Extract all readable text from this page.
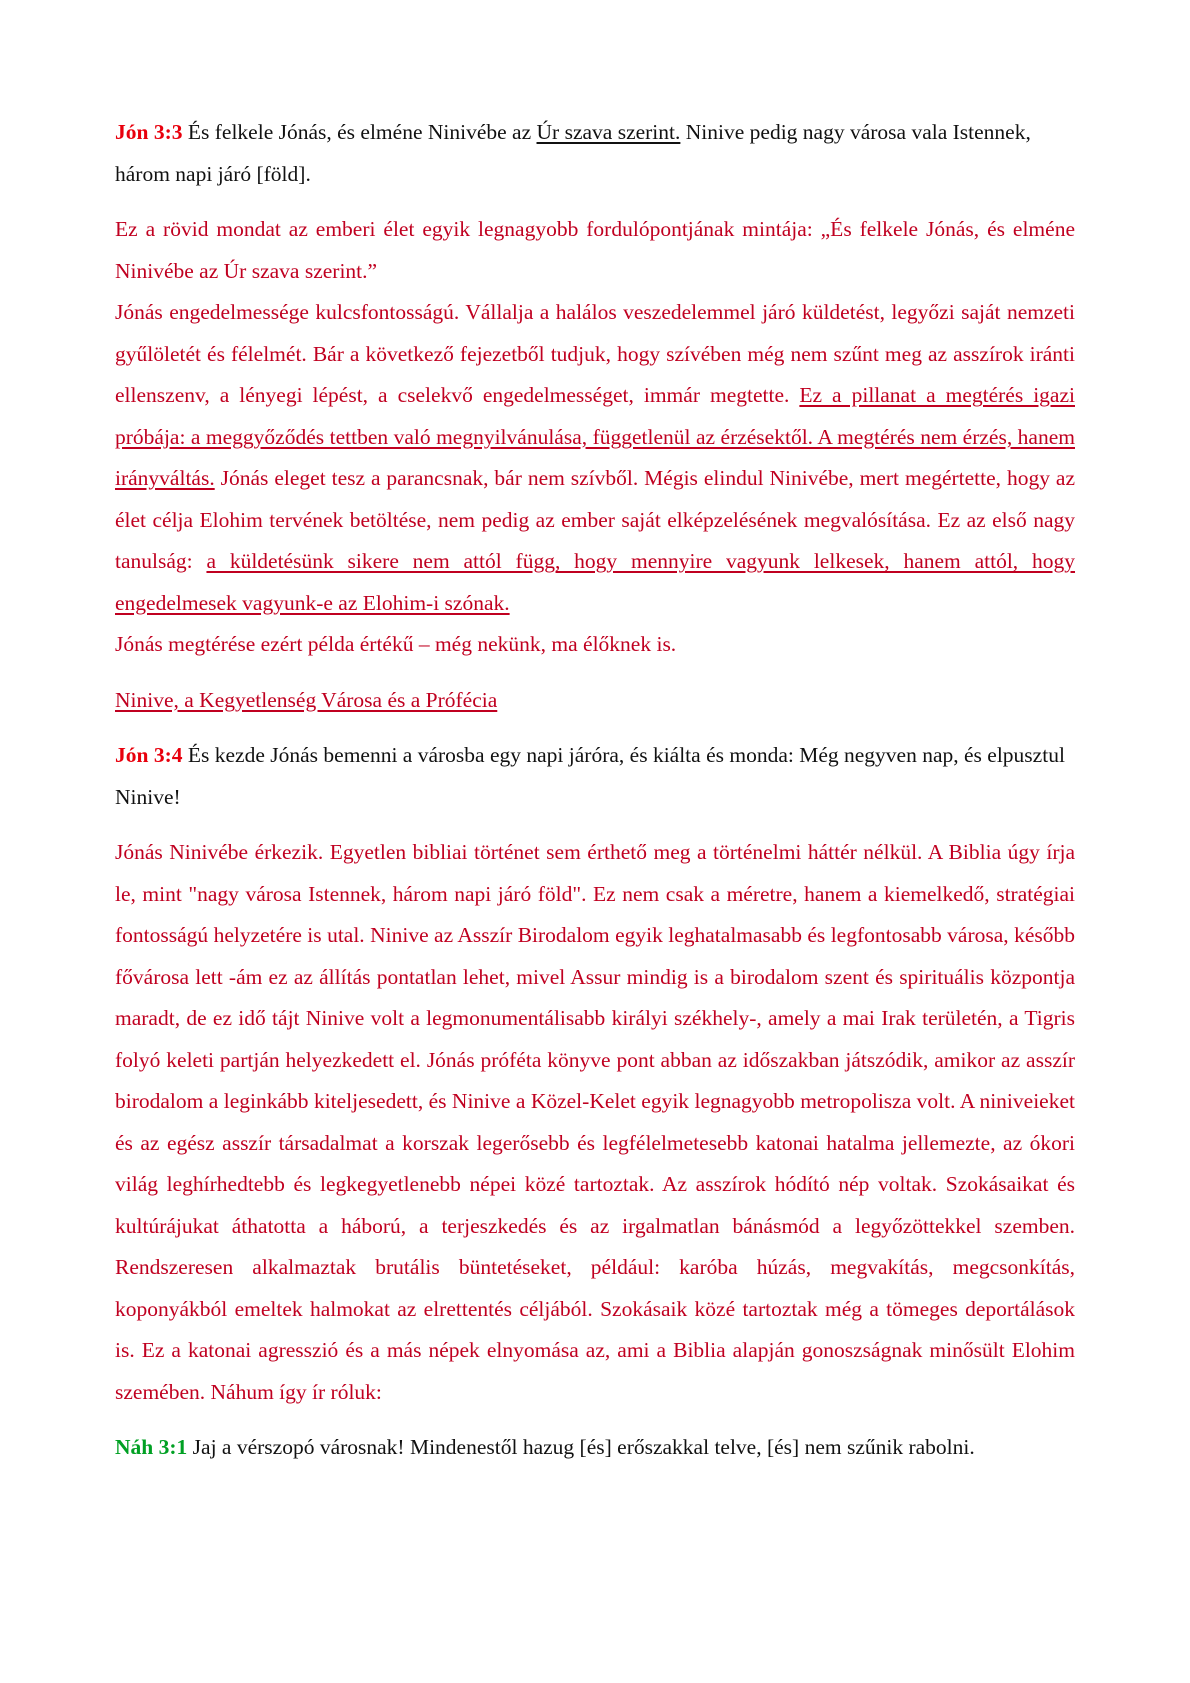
Jón 3:3 És felkele Jónás, és elméne Ninivébe az Úr szava szerint. Ninive pedig nagy városa vala Istennek, három napi járó [föld].

Ez a rövid mondat az emberi élet egyik legnagyobb fordulópontjának mintája: „És felkele Jónás, és elméne Ninivébe az Úr szava szerint.”

Jónás engedelmessége kulcsfontosságú. Vállalja a halálos veszedelemmel járó küldetést, legyőzi saját nemzeti gyűlöletét és félelmét. Bár a következő fejezetből tudjuk, hogy szívében még nem szűnt meg az asszírok iránti ellenszenv, a lényegi lépést, a cselekvő engedelmességet, immár megtette. Ez a pillanat a megtérés igazi próbája: a meggyőződés tettben való megnyilvánulása, függetlenül az érzésektől. A megtérés nem érzés, hanem irányváltás. Jónás eleget tesz a parancsnak, bár nem szívből. Mégis elindul Ninivébe, mert megértette, hogy az élet célja Elohim tervének betöltése, nem pedig az ember saját elképzelésének megvalósítása. Ez az első nagy tanulság: a küldetésünk sikere nem attól függ, hogy mennyire vagyunk lelkesek, hanem attól, hogy engedelmesek vagyunk-e az Elohim-i szónak.

Jónás megtérése ezért példa értékű – még nekünk, ma élőknek is.

Ninive, a Kegyetlenség Városa és a Prófécia

Jón 3:4 És kezde Jónás bemenni a városba egy napi járóra, és kiálta és monda: Még negyven nap, és elpusztul Ninive!

Jónás Ninivébe érkezik. Egyetlen bibliai történet sem érthető meg a történelmi háttér nélkül. A Biblia úgy írja le, mint "nagy városa Istennek, három napi járó föld". Ez nem csak a méretre, hanem a kiemelkedő, stratégiai fontosságú helyzetére is utal. Ninive az Asszír Birodalom egyik leghatalmasabb és legfontosabb városa, később fővárosa lett -ám ez az állítás pontatlan lehet, mivel Assur mindig is a birodalom szent és spirituális központja maradt, de ez idő tájt Ninive volt a legmonumentálisabb királyi székhely-, amely a mai Irak területén, a Tigris folyó keleti partján helyezkedett el. Jónás próféta könyve pont abban az időszakban játszódik, amikor az asszír birodalom a leginkább kiteljesedett, és Ninive a Közel-Kelet egyik legnagyobb metropolisza volt. A niniveieket és az egész asszír társadalmat a korszak legerősebb és legfélelmetesebb katonai hatalma jellemezte, az ókori világ leghírhedtebb és legkegyetlenebb népei közé tartoztak. Az asszírok hódító nép voltak. Szokásaikat és kultúrájukat áthatotta a háború, a terjeszkedés és az irgalmatlan bánásmód a legyőzöttekkel szemben. Rendszeresen alkalmaztak brutális büntetéseket, például: karóba húzás, megvakítás, megcsonkítás, koponyákból emeltek halmokat az elrettentés céljából. Szokásaik közé tartoztak még a tömeges deportálások is. Ez a katonai agresszió és a más népek elnyomása az, ami a Biblia alapján gonoszságnak minősült Elohim szemében. Náhum így ír róluk:

Náh 3:1 Jaj a vérszopó városnak! Mindenestől hazug [és] erőszakkal telve, [és] nem szűnik rabolni.
